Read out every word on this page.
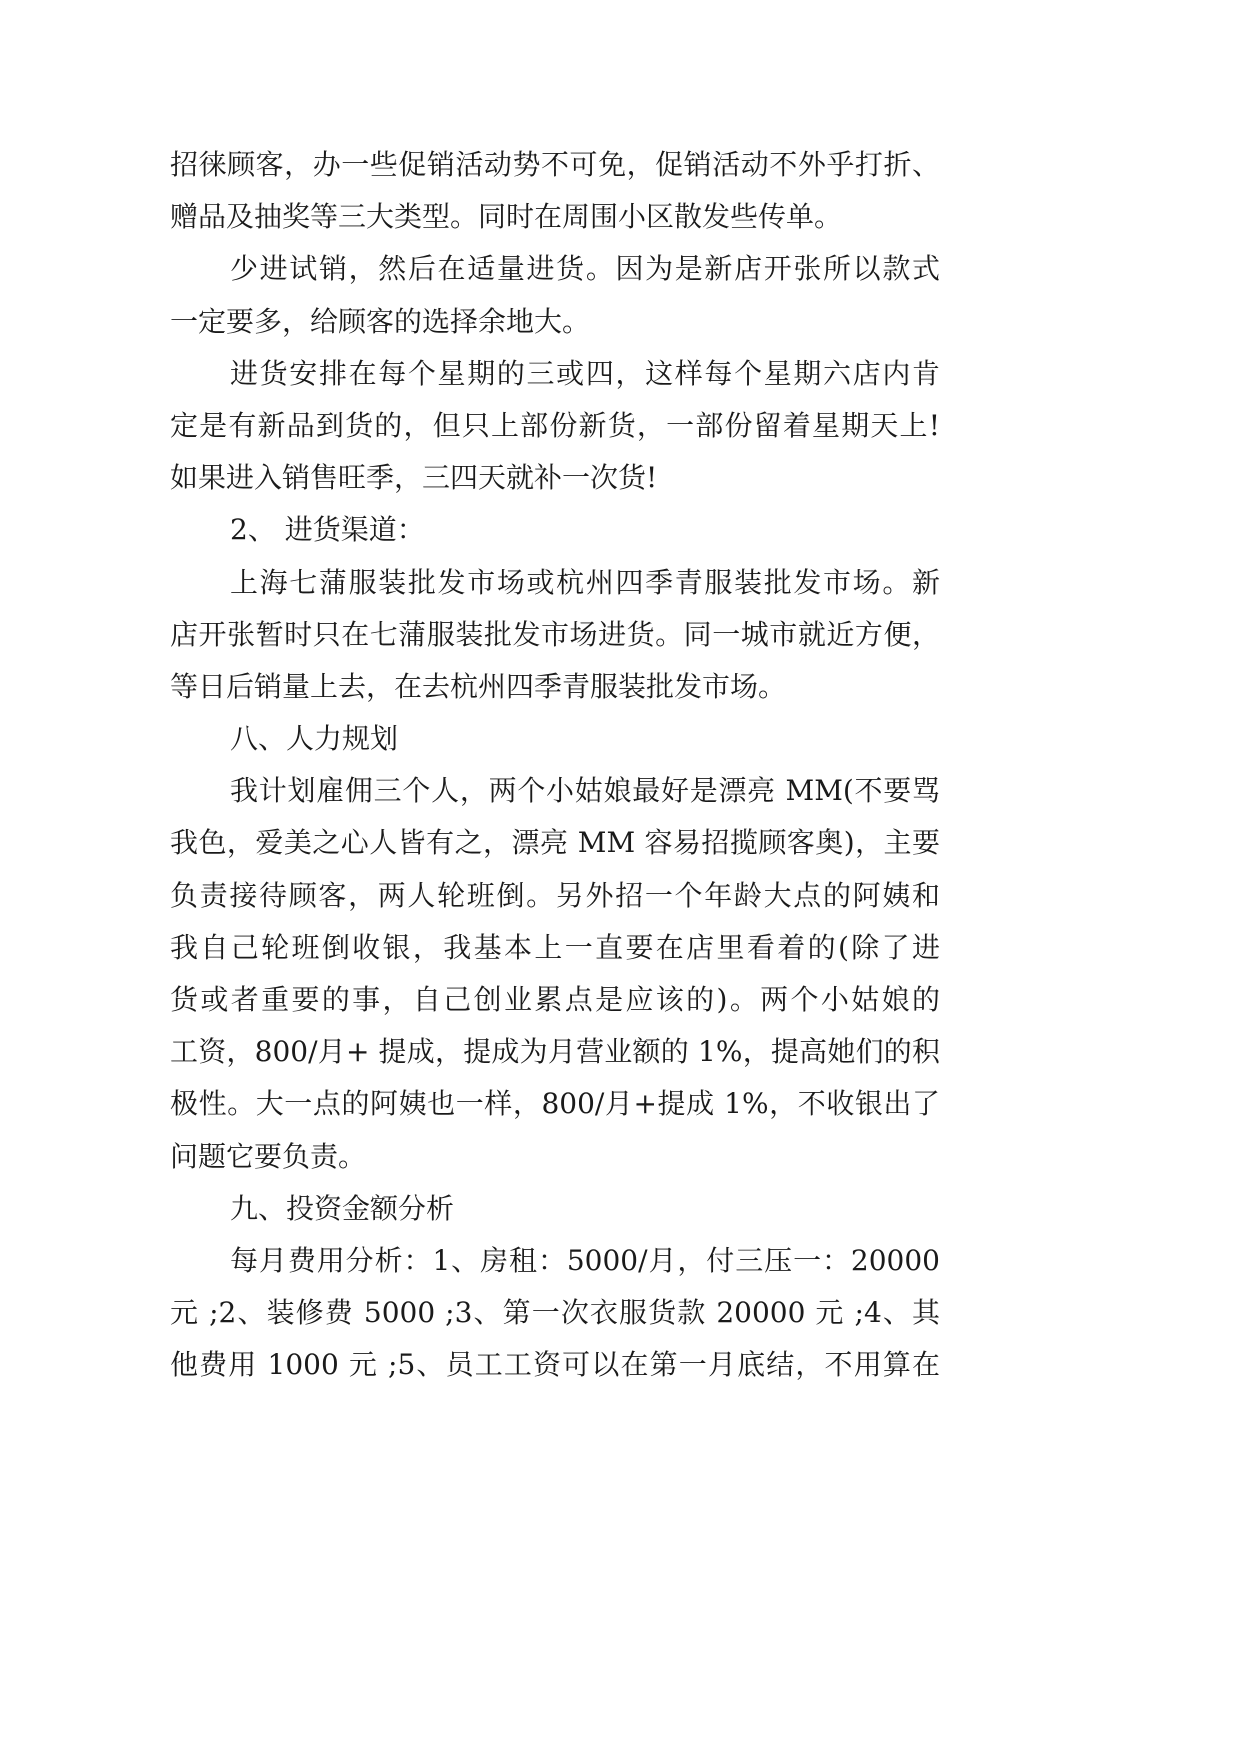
招徕顾客，办一些促销活动势不可免，促销活动不外乎打折、
赠品及抽奖等三大类型。同时在周围小区散发些传单。

少进试销，然后在适量进货。因为是新店开张所以款式
一定要多，给顾客的选择余地大。

进货安排在每个星期的三或四，这样每个星期六店内肯
定是有新品到货的，但只上部份新货，一部份留着星期天上!
如果进入销售旺季，三四天就补一次货!

2、 进货渠道：

上海七蒲服装批发市场或杭州四季青服装批发市场。新
店开张暂时只在七蒲服装批发市场进货。同一城市就近方便，
等日后销量上去，在去杭州四季青服装批发市场。

八、人力规划

我计划雇佣三个人，两个小姑娘最好是漂亮 MM(不要骂
我色，爱美之心人皆有之，漂亮 MM 容易招揽顾客奥)，主要
负责接待顾客，两人轮班倒。另外招一个年龄大点的阿姨和
我自己轮班倒收银，我基本上一直要在店里看着的(除了进
货或者重要的事，自己创业累点是应该的)。两个小姑娘的
工资，800/月+ 提成，提成为月营业额的 1%，提高她们的积
极性。大一点的阿姨也一样，800/月+提成 1%，不收银出了
问题它要负责。

九、投资金额分析

每月费用分析：1、房租：5000/月，付三压一：20000
元 ;2、装修费 5000 ;3、第一次衣服货款 20000 元 ;4、其
他费用 1000 元 ;5、员工工资可以在第一月底结，不用算在
